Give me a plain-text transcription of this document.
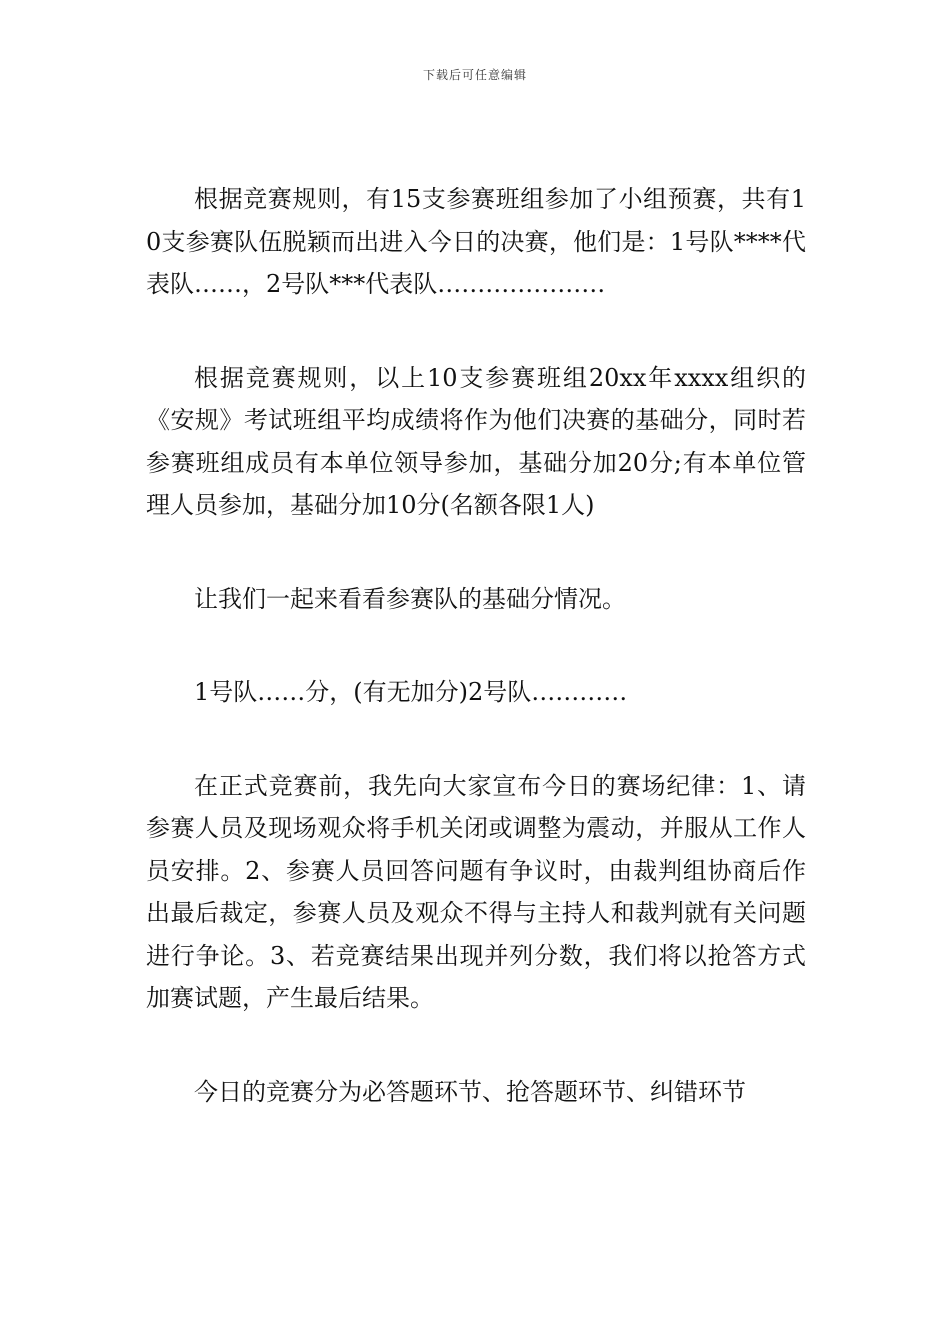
下载后可任意编辑

根据竞赛规则，有15支参赛班组参加了小组预赛，共有10支参赛队伍脱颖而出进入今日的决赛，他们是：1号队****代表队……，2号队***代表队…………………

根据竞赛规则，以上10支参赛班组20xx年xxxx组织的《安规》考试班组平均成绩将作为他们决赛的基础分，同时若参赛班组成员有本单位领导参加，基础分加20分;有本单位管理人员参加，基础分加10分(名额各限1人)

让我们一起来看看参赛队的基础分情况。

1号队……分，(有无加分)2号队…………

在正式竞赛前，我先向大家宣布今日的赛场纪律：1、请参赛人员及现场观众将手机关闭或调整为震动，并服从工作人员安排。2、参赛人员回答问题有争议时，由裁判组协商后作出最后裁定，参赛人员及观众不得与主持人和裁判就有关问题进行争论。3、若竞赛结果出现并列分数，我们将以抢答方式加赛试题，产生最后结果。

今日的竞赛分为必答题环节、抢答题环节、纠错环节
